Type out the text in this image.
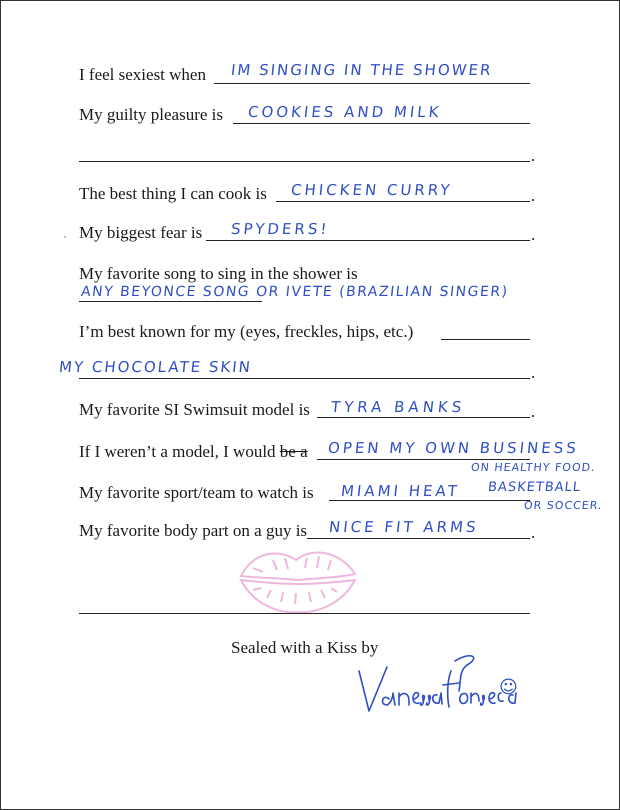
I feel sexiest when IM SINGING IN THE SHOWER
My guilty pleasure is COOKIES AND MILK
.
The best thing I can cook is CHICKEN CURRY	.
· My biggest fear is SPYDERS!	.
My favorite song to sing in the shower is
ANY BEYONCE SONG OR IVETE (BRAZILIAN SINGER)
I’m best known for my (eyes, freckles, hips, etc.)
MY CHOCOLATE SKIN	.
My favorite SI Swimsuit model is TYRA BANKS	.
If I weren’t a model, I would be a OPEN MY OWN BUSINESS
ON HEALTHY FOOD.
My favorite sport/team to watch is MIAMI HEAT BASKETBALL
OR SOCCER.
My favorite body part on a guy is NICE FIT ARMS	.
Sealed with a Kiss by
☺
